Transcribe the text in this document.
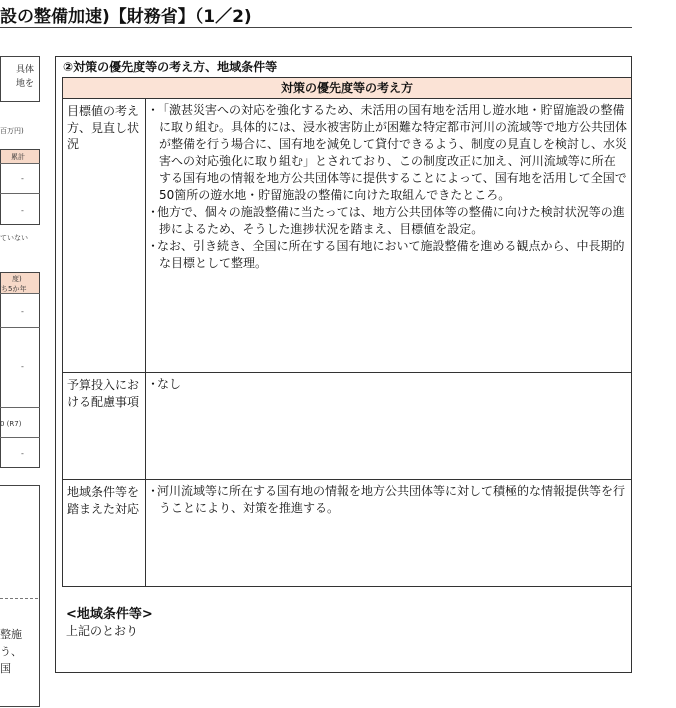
設の整備加速)【財務省】（1／2)
具体
地を
百万円)
累計
-
-
ていない
度)
ち5か年
-
-
0 (R7)
-
整施
う、
国
②対策の優先度等の考え方、地域条件等
対策の優先度等の考え方
目標値の考え方、見直し状況

・ 「激甚災害への対応を強化するため、未活用の国有地を活用し遊水地・貯留施設の整備に取り組む。具体的には、浸水被害防止が困難な特定都市河川の流域等で地方公共団体が整備を行う場合に、国有地を減免して貸付できるよう、制度の見直しを検討し、水災害への対応強化に取り組む」とされており、この制度改正に加え、河川流域等に所在する国有地の情報を地方公共団体等に提供することによって、国有地を活用して全国で50箇所の遊水地・貯留施設の整備に向けた取組んできたところ。

・ 他方で、個々の施設整備に当たっては、地方公共団体等の整備に向けた検討状況等の進捗によるため、そうした進捗状況を踏まえ、目標値を設定。

・ なお、引き続き、全国に所在する国有地において施設整備を進める観点から、中長期的な目標として整理。

予算投入における配慮事項

・ なし

地域条件等を踏まえた対応

・ 河川流域等に所在する国有地の情報を地方公共団体等に対して積極的な情報提供等を行うことにより、対策を推進する。

<地域条件等>
上記のとおり
